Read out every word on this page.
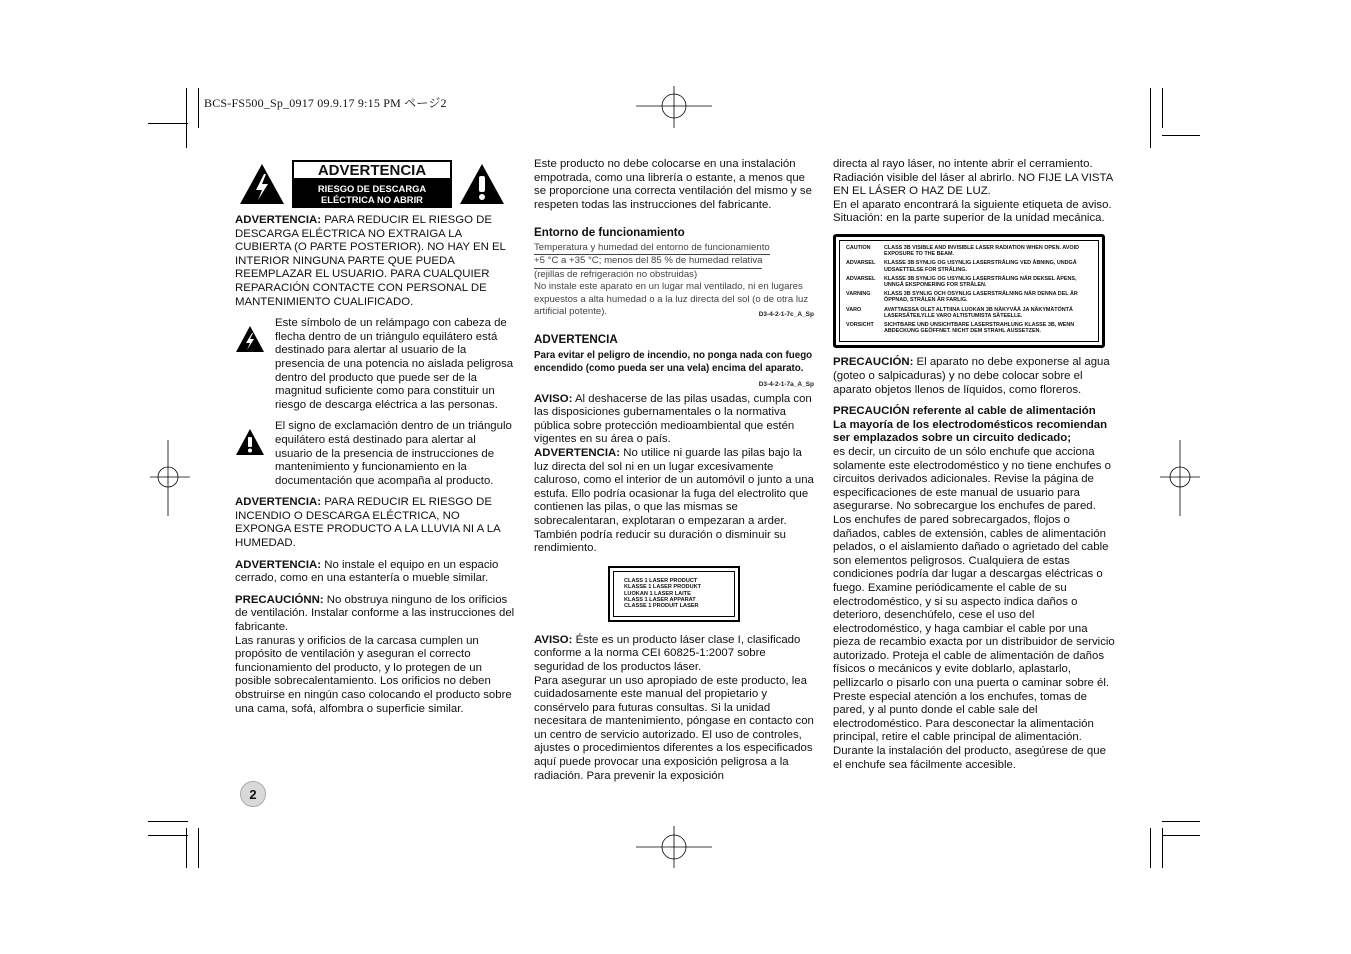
BCS-FS500_Sp_0917 09.9.17 9:15 PM ページ2
ADVERTENCIA
RIESGO DE DESCARGA
ELÉCTRICA NO ABRIR

ADVERTENCIA: PARA REDUCIR EL RIESGO DE DESCARGA ELÉCTRICA NO EXTRAIGA LA CUBIERTA (O PARTE POSTERIOR). NO HAY EN EL INTERIOR NINGUNA PARTE QUE PUEDA REEMPLAZAR EL USUARIO. PARA CUALQUIER REPARACIÓN CONTACTE CON PERSONAL DE MANTENIMIENTO CUALIFICADO.

Este símbolo de un relámpago con cabeza de flecha dentro de un triángulo equilátero está destinado para alertar al usuario de la presencia de una potencia no aislada peligrosa dentro del producto que puede ser de la magnitud suficiente como para constituir un riesgo de descarga eléctrica a las personas.
El signo de exclamación dentro de un triángulo equilátero está destinado para alertar al usuario de la presencia de instrucciones de mantenimiento y funcionamiento en la documentación que acompaña al producto.

ADVERTENCIA: PARA REDUCIR EL RIESGO DE INCENDIO O DESCARGA ELÉCTRICA, NO EXPONGA ESTE PRODUCTO A LA LLUVIA NI A LA HUMEDAD.

ADVERTENCIA: No instale el equipo en un espacio cerrado, como en una estantería o mueble similar.

PRECAUCIÓNN: No obstruya ninguno de los orificios de ventilación. Instalar conforme a las instrucciones del fabricante.

Las ranuras y orificios de la carcasa cumplen un propósito de ventilación y aseguran el correcto funcionamiento del producto, y lo protegen de un posible sobrecalentamiento. Los orificios no deben obstruirse en ningún caso colocando el producto sobre una cama, sofá, alfombra o superficie similar.

Este producto no debe colocarse en una instalación empotrada, como una librería o estante, a menos que se proporcione una correcta ventilación del mismo y se respeten todas las instrucciones del fabricante.

Entorno de funcionamiento
Temperatura y humedad del entorno de funcionamiento
+5 °C a +35 °C; menos del 85 % de humedad relativa
(rejillas de refrigeración no obstruidas)
No instale este aparato en un lugar mal ventilado, ni en lugares expuestos a alta humedad o a la luz directa del sol (o de otra luz artificial potente).	D3-4-2-1-7c_A_Sp
ADVERTENCIA
Para evitar el peligro de incendio, no ponga nada con fuego encendido (como pueda ser una vela) encima del aparato.
D3-4-2-1-7a_A_Sp

AVISO: Al deshacerse de las pilas usadas, cumpla con las disposiciones gubernamentales o la normativa pública sobre protección medioambiental que estén vigentes en su área o país.

ADVERTENCIA: No utilice ni guarde las pilas bajo la luz directa del sol ni en un lugar excesivamente caluroso, como el interior de un automóvil o junto a una estufa. Ello podría ocasionar la fuga del electrolito que contienen las pilas, o que las mismas se sobrecalentaran, explotaran o empezaran a arder. También podría reducir su duración o disminuir su rendimiento.

CLASS 1 LASER PRODUCT
KLASSE 1 LASER PRODUKT
LUOKAN 1 LASER LAITE
KLASS 1 LASER APPARAT
CLASSE 1 PRODUIT LASER

AVISO: Éste es un producto láser clase I, clasificado conforme a la norma CEI 60825-1:2007 sobre seguridad de los productos láser.

Para asegurar un uso apropiado de este producto, lea cuidadosamente este manual del propietario y consérvelo para futuras consultas. Si la unidad necesitara de mantenimiento, póngase en contacto con un centro de servicio autorizado. El uso de controles, ajustes o procedimientos diferentes a los especificados aquí puede provocar una exposición peligrosa a la radiación. Para prevenir la exposición

directa al rayo láser, no intente abrir el cerramiento. Radiación visible del láser al abrirlo. NO FIJE LA VISTA EN EL LÁSER O HAZ DE LUZ.

En el aparato encontrará la siguiente etiqueta de aviso. Situación: en la parte superior de la unidad mecánica.

CAUTION	CLASS 3B VISIBLE AND INVISIBLE LASER RADIATION WHEN OPEN. AVOID EXPOSURE TO THE BEAM.
ADVARSEL	KLASSE 3B SYNLIG OG USYNLIG LASERSTRÅLING VED ÅBNING, UNDGÅ UDSAETTELSE FOR STRÅLING.
ADVARSEL	KLASSE 3B SYNLIG OG USYNLIG LASERSTRÅLING NÅR DEKSEL ÅPENS, UNNGÅ EKSPONERING FOR STRÅLEN.
VARNING	KLASS 3B SYNLIG OCH OSYNLIG LASERSTRÅLNING NÄR DENNA DEL ÄR ÖPPNAD, STRÅLEN ÄR FARLIG.
VARO	AVATTAESSA OLET ALTTIINA LUOKAN 3B NÄKYVÄÄ JA NÄKYMÄTÖNTÄ LASERSÄTEILYLLE VARO ALTISTUMISTA SÄTEELLE.
VORSICHT	SICHTBARE UND UNSICHTBARE LASERSTRAHLUNG KLASSE 3B, WENN ABDECKUNG GEÖFFNET. NICHT DEM STRAHL AUSSETZEN.

PRECAUCIÓN: El aparato no debe exponerse al agua (goteo o salpicaduras) y no debe colocar sobre el aparato objetos llenos de líquidos, como floreros.

PRECAUCIÓN referente al cable de alimentación
La mayoría de los electrodomésticos recomiendan ser emplazados sobre un circuito dedicado;

es decir, un circuito de un sólo enchufe que acciona solamente este electrodoméstico y no tiene enchufes o circuitos derivados adicionales. Revise la página de especificaciones de este manual de usuario para asegurarse. No sobrecargue los enchufes de pared. Los enchufes de pared sobrecargados, flojos o dañados, cables de extensión, cables de alimentación pelados, o el aislamiento dañado o agrietado del cable son elementos peligrosos. Cualquiera de estas condiciones podría dar lugar a descargas eléctricas o fuego. Examine periódicamente el cable de su electrodoméstico, y si su aspecto indica daños o deterioro, desenchúfelo, cese el uso del electrodoméstico, y haga cambiar el cable por una pieza de recambio exacta por un distribuidor de servicio autorizado. Proteja el cable de alimentación de daños físicos o mecánicos y evite doblarlo, aplastarlo, pellizcarlo o pisarlo con una puerta o caminar sobre él. Preste especial atención a los enchufes, tomas de pared, y al punto donde el cable sale del electrodoméstico. Para desconectar la alimentación principal, retire el cable principal de alimentación. Durante la instalación del producto, asegúrese de que el enchufe sea fácilmente accesible.

2
